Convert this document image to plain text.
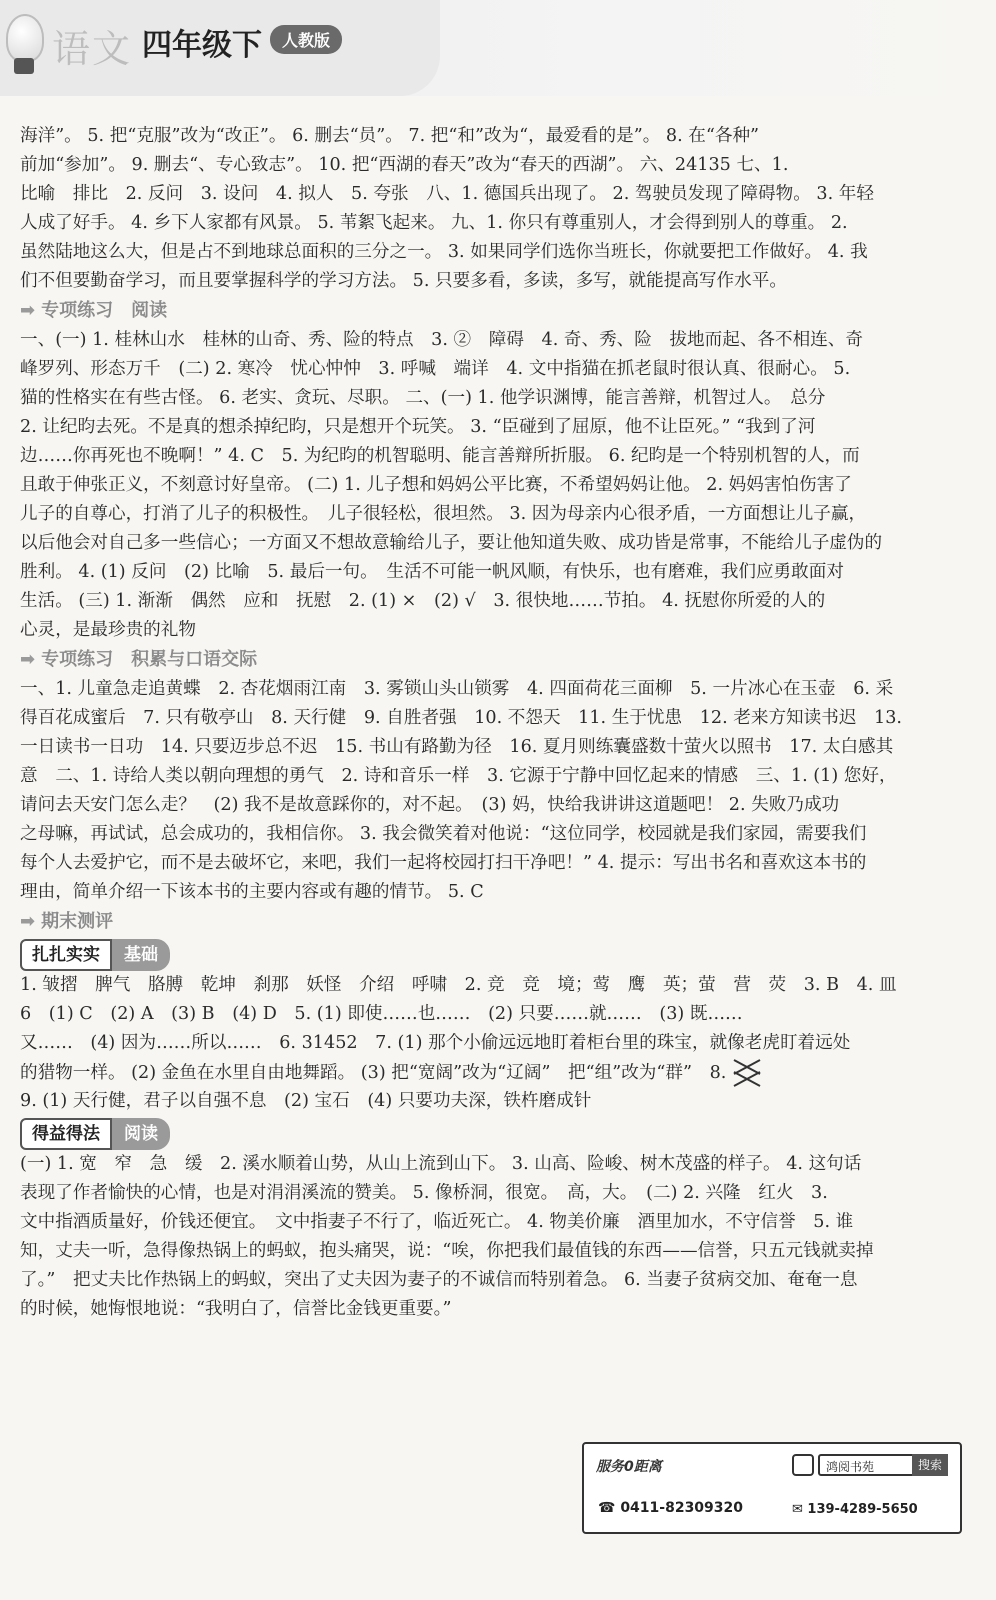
语文 四年级下	人教版
海洋”。 5. 把“克服”改为“改正”。 6. 删去“员”。 7. 把“和”改为“，最爱看的是”。 8. 在“各种”
前加“参加”。 9. 删去“、专心致志”。 10. 把“西湖的春天”改为“春天的西湖”。 六、24135 七、1.
比喻　排比　2. 反问　3. 设问　4. 拟人　5. 夸张　八、1. 德国兵出现了。 2. 驾驶员发现了障碍物。 3. 年轻
人成了好手。 4. 乡下人家都有风景。 5. 苇絮飞起来。 九、1. 你只有尊重别人，才会得到别人的尊重。 2.
虽然陆地这么大，但是占不到地球总面积的三分之一。 3. 如果同学们选你当班长，你就要把工作做好。 4. 我
们不但要勤奋学习，而且要掌握科学的学习方法。 5. 只要多看，多读，多写，就能提高写作水平。
➡ 专项练习　阅读
一、(一) 1. 桂林山水　桂林的山奇、秀、险的特点　3. ②　障碍　4. 奇、秀、险　拔地而起、各不相连、奇
峰罗列、形态万千　(二) 2. 寒冷　忧心忡忡　3. 呼喊　端详　4. 文中指猫在抓老鼠时很认真、很耐心。 5.
猫的性格实在有些古怪。 6. 老实、贪玩、尽职。 二、(一) 1. 他学识渊博，能言善辩，机智过人。　总分
2. 让纪昀去死。不是真的想杀掉纪昀，只是想开个玩笑。 3. “臣碰到了屈原，他不让臣死。” “我到了河
边……你再死也不晚啊！” 4. C　5. 为纪昀的机智聪明、能言善辩所折服。 6. 纪昀是一个特别机智的人，而
且敢于伸张正义，不刻意讨好皇帝。 (二) 1. 儿子想和妈妈公平比赛，不希望妈妈让他。 2. 妈妈害怕伤害了
儿子的自尊心，打消了儿子的积极性。　儿子很轻松，很坦然。 3. 因为母亲内心很矛盾，一方面想让儿子赢，
以后他会对自己多一些信心；一方面又不想故意输给儿子，要让他知道失败、成功皆是常事，不能给儿子虚伪的
胜利。 4. (1) 反问　(2) 比喻　5. 最后一句。　生活不可能一帆风顺，有快乐，也有磨难，我们应勇敢面对
生活。 (三) 1. 渐渐　偶然　应和　抚慰　2. (1) ×　(2) √　3. 很快地……节拍。 4. 抚慰你所爱的人的
心灵，是最珍贵的礼物
➡ 专项练习　积累与口语交际
一、1. 儿童急走追黄蝶　2. 杏花烟雨江南　3. 雾锁山头山锁雾　4. 四面荷花三面柳　5. 一片冰心在玉壶　6. 采
得百花成蜜后　7. 只有敬亭山　8. 天行健　9. 自胜者强　10. 不怨天　11. 生于忧患　12. 老来方知读书迟　13.
一日读书一日功　14. 只要迈步总不迟　15. 书山有路勤为径　16. 夏月则练囊盛数十萤火以照书　17. 太白感其
意　二、1. 诗给人类以朝向理想的勇气　2. 诗和音乐一样　3. 它源于宁静中回忆起来的情感　三、1. (1) 您好，
请问去天安门怎么走？　(2) 我不是故意踩你的，对不起。　(3) 妈，快给我讲讲这道题吧！ 2. 失败乃成功
之母嘛，再试试，总会成功的，我相信你。 3. 我会微笑着对他说：“这位同学，校园就是我们家园，需要我们
每个人去爱护它，而不是去破坏它，来吧，我们一起将校园打扫干净吧！” 4. 提示：写出书名和喜欢这本书的
理由，简单介绍一下该本书的主要内容或有趣的情节。 5. C
➡ 期末测评
扎扎实实 基础
1. 皱摺　脾气　胳膊　乾坤　刹那　妖怪　介绍　呼啸　2. 竞　竞　境；莺　鹰　英；萤　营　荧　3. B　4. 皿
6　(1) C　(2) A　(3) B　(4) D　5. (1) 即使……也……　(2) 只要……就……　(3) 既……
又……　(4) 因为……所以……　6. 31452　7. (1) 那个小偷远远地盯着柜台里的珠宝，就像老虎盯着远处
的猎物一样。 (2) 金鱼在水里自由地舞蹈。 (3) 把“宽阔”改为“辽阔”　把“组”改为“群”　8.
9. (1) 天行健，君子以自强不息　(2) 宝石　(4) 只要功夫深，铁杵磨成针
得益得法 阅读
(一) 1. 宽　窄　急　缓　2. 溪水顺着山势，从山上流到山下。 3. 山高、险峻、树木茂盛的样子。 4. 这句话
表现了作者愉快的心情，也是对涓涓溪流的赞美。 5. 像桥洞，很宽。　高，大。　(二) 2. 兴隆　红火　3.
文中指酒质量好，价钱还便宜。　文中指妻子不行了，临近死亡。 4. 物美价廉　酒里加水，不守信誉　5. 谁
知，丈夫一听，急得像热锅上的蚂蚁，抱头痛哭，说：“唉，你把我们最值钱的东西——信誉，只五元钱就卖掉
了。”　把丈夫比作热锅上的蚂蚁，突出了丈夫因为妻子的不诚信而特别着急。 6. 当妻子贫病交加、奄奄一息
的时候，她悔恨地说：“我明白了，信誉比金钱更重要。”
服务0距离
☎ 0411-82309320
鸿阅书苑	搜索
✉ 139-4289-5650
